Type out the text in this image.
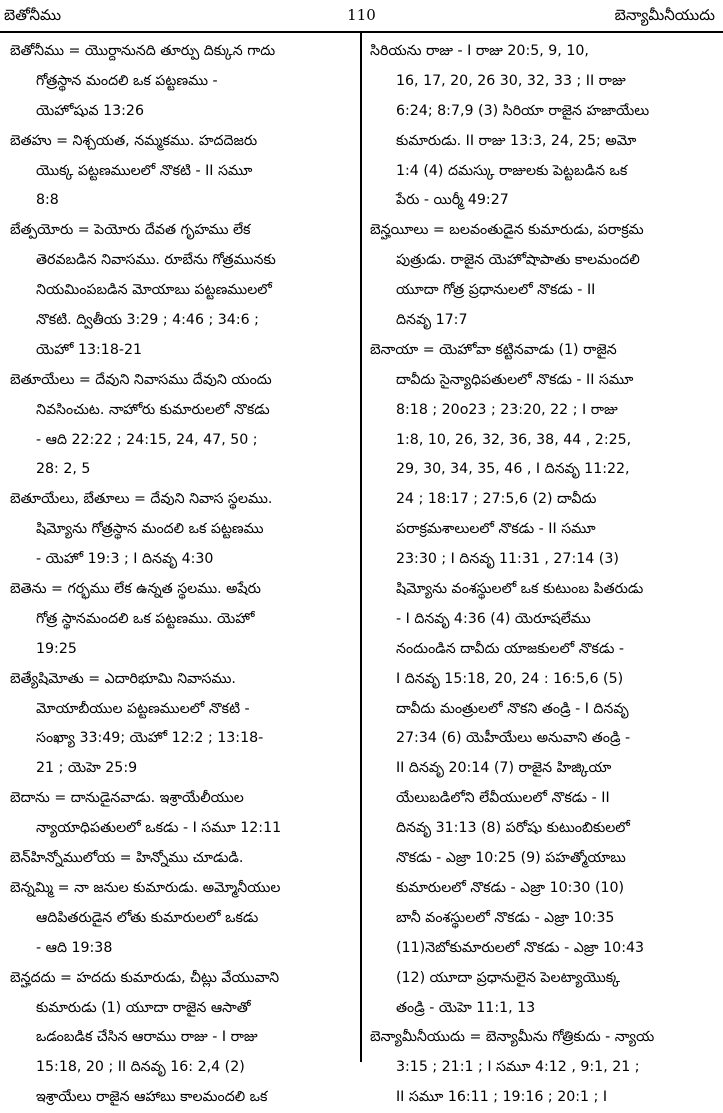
బెతోనీము	110	బెన్యామీనీయుదు
బెతోనీము = యొర్దానునది తూర్పు దిక్కున గాదు
గోత్రస్థాన మందలి ఒక పట్టణము -
యెహోషువ 13:26
బెతహు = నిశ్చయత, నమ్మకము. హదదెజరు
యొక్క పట్టణములలో నొకటి - II సమూ
8:8
బేత్పయోరు = పెయోరు దేవత గృహము లేక
తెరవబడిన నివాసము. రూబేను గోత్రమునకు
నియమింపబడిన మోయాబు పట్టణములలో
నొకటి. ద్వితీయ 3:29 ; 4:46 ; 34:6 ;
యెహో 13:18-21
బెతూయేలు = దేవుని నివాసము దేవుని యందు
నివసించుట. నాహోరు కుమారులలో నొకడు
- ఆది 22:22 ; 24:15, 24, 47, 50 ;
28: 2, 5
బెతూయేలు, బేతూలు = దేవుని నివాస స్థలము.
షిమ్యోను గోత్రస్థాన మందలి ఒక పట్టణము
- యెహో 19:3 ; I దినవృ 4:30
బెతెను = గర్భము లేక ఉన్నత స్థలము. అషేరు
గోత్ర స్థానమందలి ఒక పట్టణము. యెహో
19:25
బెత్యేషిమోతు = ఎదారిభూమి నివాసము.
మోయాబీయుల పట్టణములలో నొకటి -
సంఖ్యా 33:49; యెహో 12:2 ; 13:18-
21 ; యెహె 25:9
బెదాను = దానుడైనవాడు. ఇశ్రాయేలీయుల
న్యాయాధిపతులలో ఒకడు - I సమూ 12:11
బెన్‌హిన్నోములోయ = హిన్నోము చూడుడి.
బెన్నమ్మి = నా జనుల కుమారుడు. అమ్మోనీయుల
ఆదిపితరుడైన లోతు కుమారులలో ఒకడు
- ఆది 19:38
బెన్హదదు = హదదు కుమారుడు, చీట్లు వేయువాని
కుమారుడు (1) యూదా రాజైన ఆసాతో
ఒడంబడిక చేసిన ఆరాము రాజు - I రాజు
15:18, 20 ; II దినవృ 16: 2,4 (2)
ఇశ్రాయేలు రాజైన ఆహాబు కాలమందలి ఒక
సిరియను రాజు - I రాజు 20:5, 9, 10,
16, 17, 20, 26 30, 32, 33 ; II రాజు
6:24; 8:7,9 (3) సిరియా రాజైన హజాయేలు
కుమారుడు. II రాజు 13:3, 24, 25; అమో
1:4 (4) దమస్కు రాజులకు పెట్టబడిన ఒక
పేరు - యిర్మీ 49:27
బెన్హయీలు = బలవంతుడైన కుమారుడు, పరాక్రమ
పుత్రుడు. రాజైన యెహోషాపాతు కాలమందలి
యూదా గోత్ర ప్రధానులలో నొకడు - II
దినవృ 17:7
బెనాయా = యెహోవా కట్టినవాడు (1) రాజైన
దావీదు సైన్యాధిపతులలో నొకడు - II సమూ
8:18 ; 20o23 ; 23:20, 22 ; I రాజు
1:8, 10, 26, 32, 36, 38, 44 , 2:25,
29, 30, 34, 35, 46 , I దినవృ 11:22,
24 ; 18:17 ; 27:5,6 (2) దావీదు
పరాక్రమశాలులలో నొకడు - II సమూ
23:30 ; I దినవృ 11:31 , 27:14 (3)
షిమ్యోను వంశస్థులలో ఒక కుటుంబ పితరుడు
- I దినవృ 4:36 (4) యెరూషలేము
నందుండిన దావీదు యాజకులలో నొకడు -
I దినవృ 15:18, 20, 24 : 16:5,6 (5)
దావీదు మంత్రులలో నొకని తండ్రి - I దినవృ
27:34 (6) యెహీయేలు అనువాని తండ్రి -
II దినవృ 20:14 (7) రాజైన హిజ్కియా
యేలుబడిలోని లేవీయులలో నొకడు - II
దినవృ 31:13 (8) పరోషు కుటుంబికులలో
నొకడు - ఎజ్రా 10:25 (9) పహత్మోయాబు
కుమారులలో నొకడు - ఎజ్రా 10:30 (10)
బానీ వంశస్థులలో నొకడు - ఎజ్రా 10:35
(11)నెబోకుమారులలో నొకడు - ఎజ్రా 10:43
(12) యూదా ప్రధానులైన పెలట్యాయొక్క
తండ్రి - యెహె 11:1, 13
బెన్యామీనీయుదు = బెన్యామీను గోత్రికుదు - న్యాయ
3:15 ; 21:1 ; I సమూ 4:12 , 9:1, 21 ;
II సమూ 16:11 ; 19:16 ; 20:1 ; I
